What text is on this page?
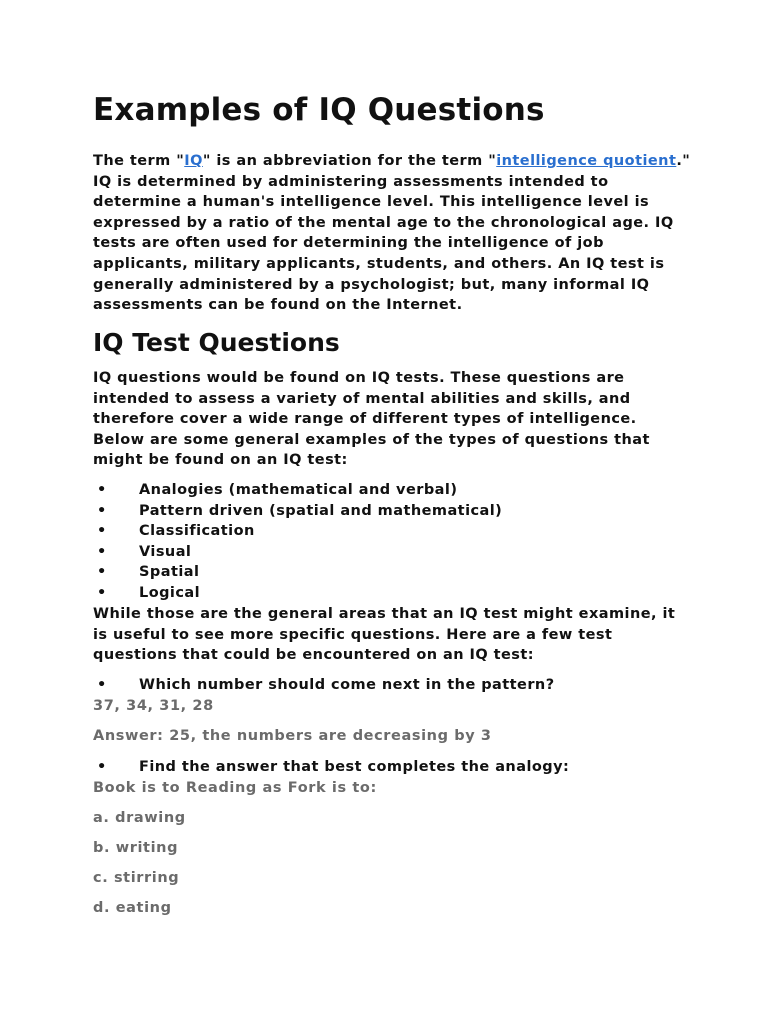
Examples of IQ Questions
The term "IQ" is an abbreviation for the term "intelligence quotient."
IQ is determined by administering assessments intended to
determine a human's intelligence level. This intelligence level is
expressed by a ratio of the mental age to the chronological age. IQ
tests are often used for determining the intelligence of job
applicants, military applicants, students, and others. An IQ test is
generally administered by a psychologist; but, many informal IQ
assessments can be found on the Internet.
IQ Test Questions
IQ questions would be found on IQ tests. These questions are
intended to assess a variety of mental abilities and skills, and
therefore cover a wide range of different types of intelligence.
Below are some general examples of the types of questions that
might be found on an IQ test:
• Analogies (mathematical and verbal)
• Pattern driven (spatial and mathematical)
• Classification
• Visual
• Spatial
• Logical
While those are the general areas that an IQ test might examine, it
is useful to see more specific questions. Here are a few test
questions that could be encountered on an IQ test:
• Which number should come next in the pattern?

37, 34, 31, 28

Answer: 25, the numbers are decreasing by 3

• Find the answer that best completes the analogy:

Book is to Reading as Fork is to:

a. drawing

b. writing

c. stirring

d. eating
